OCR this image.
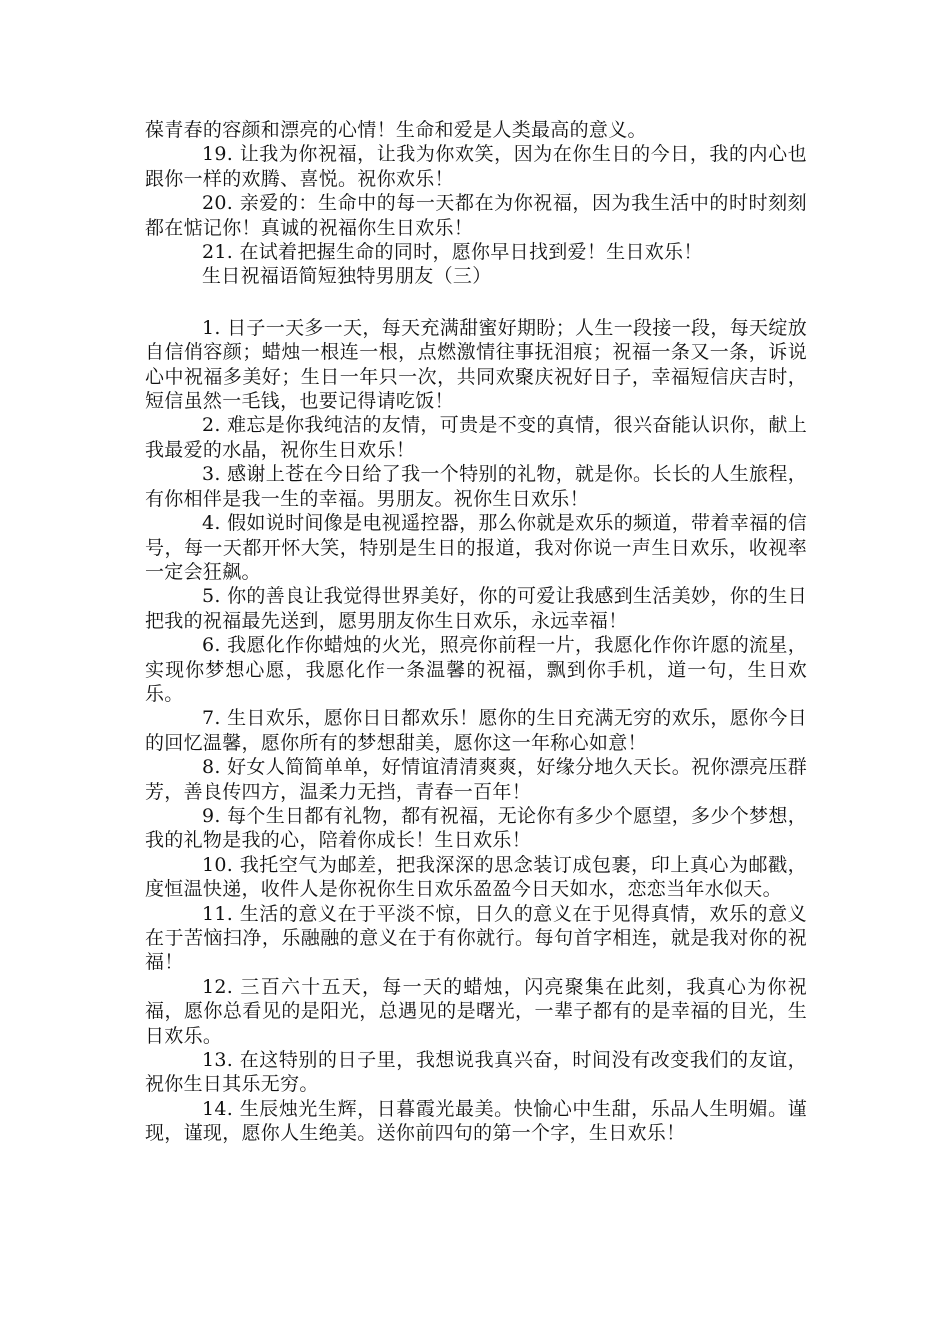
葆青春的容颜和漂亮的心情！生命和爱是人类最高的意义。

19. 让我为你祝福，让我为你欢笑，因为在你生日的今日，我的内心也跟你一样的欢腾、喜悦。祝你欢乐！

20. 亲爱的：生命中的每一天都在为你祝福，因为我生活中的时时刻刻都在惦记你！真诚的祝福你生日欢乐！

21. 在试着把握生命的同时，愿你早日找到爱！生日欢乐！

生日祝福语简短独特男朋友（三）

1. 日子一天多一天，每天充满甜蜜好期盼；人生一段接一段，每天绽放自信俏容颜；蜡烛一根连一根，点燃激情往事抚泪痕；祝福一条又一条，诉说心中祝福多美好；生日一年只一次，共同欢聚庆祝好日子，幸福短信庆吉时，短信虽然一毛钱，也要记得请吃饭！

2. 难忘是你我纯洁的友情，可贵是不变的真情，很兴奋能认识你，献上我最爱的水晶，祝你生日欢乐！

3. 感谢上苍在今日给了我一个特别的礼物，就是你。长长的人生旅程，有你相伴是我一生的幸福。男朋友。祝你生日欢乐！

4. 假如说时间像是电视遥控器，那么你就是欢乐的频道，带着幸福的信号，每一天都开怀大笑，特别是生日的报道，我对你说一声生日欢乐，收视率一定会狂飙。

5. 你的善良让我觉得世界美好，你的可爱让我感到生活美妙，你的生日把我的祝福最先送到，愿男朋友你生日欢乐，永远幸福！

6. 我愿化作你蜡烛的火光，照亮你前程一片，我愿化作你许愿的流星，实现你梦想心愿，我愿化作一条温馨的祝福，飘到你手机，道一句，生日欢乐。

7. 生日欢乐，愿你日日都欢乐！愿你的生日充满无穷的欢乐，愿你今日的回忆温馨，愿你所有的梦想甜美，愿你这一年称心如意！

8. 好女人简简单单，好情谊清清爽爽，好缘分地久天长。祝你漂亮压群芳，善良传四方，温柔力无挡，青春一百年！

9. 每个生日都有礼物，都有祝福，无论你有多少个愿望，多少个梦想，我的礼物是我的心，陪着你成长！生日欢乐！

10. 我托空气为邮差，把我深深的思念装订成包裹，印上真心为邮戳，度恒温快递，收件人是你祝你生日欢乐盈盈今日天如水，恋恋当年水似天。

11. 生活的意义在于平淡不惊，日久的意义在于见得真情，欢乐的意义在于苦恼扫净，乐融融的意义在于有你就行。每句首字相连，就是我对你的祝福！

12. 三百六十五天，每一天的蜡烛，闪亮聚集在此刻，我真心为你祝福，愿你总看见的是阳光，总遇见的是曙光，一辈子都有的是幸福的目光，生日欢乐。

13. 在这特别的日子里，我想说我真兴奋，时间没有改变我们的友谊，祝你生日其乐无穷。

14. 生辰烛光生辉，日暮霞光最美。快愉心中生甜，乐品人生明媚。谨现，谨现，愿你人生绝美。送你前四句的第一个字，生日欢乐！
